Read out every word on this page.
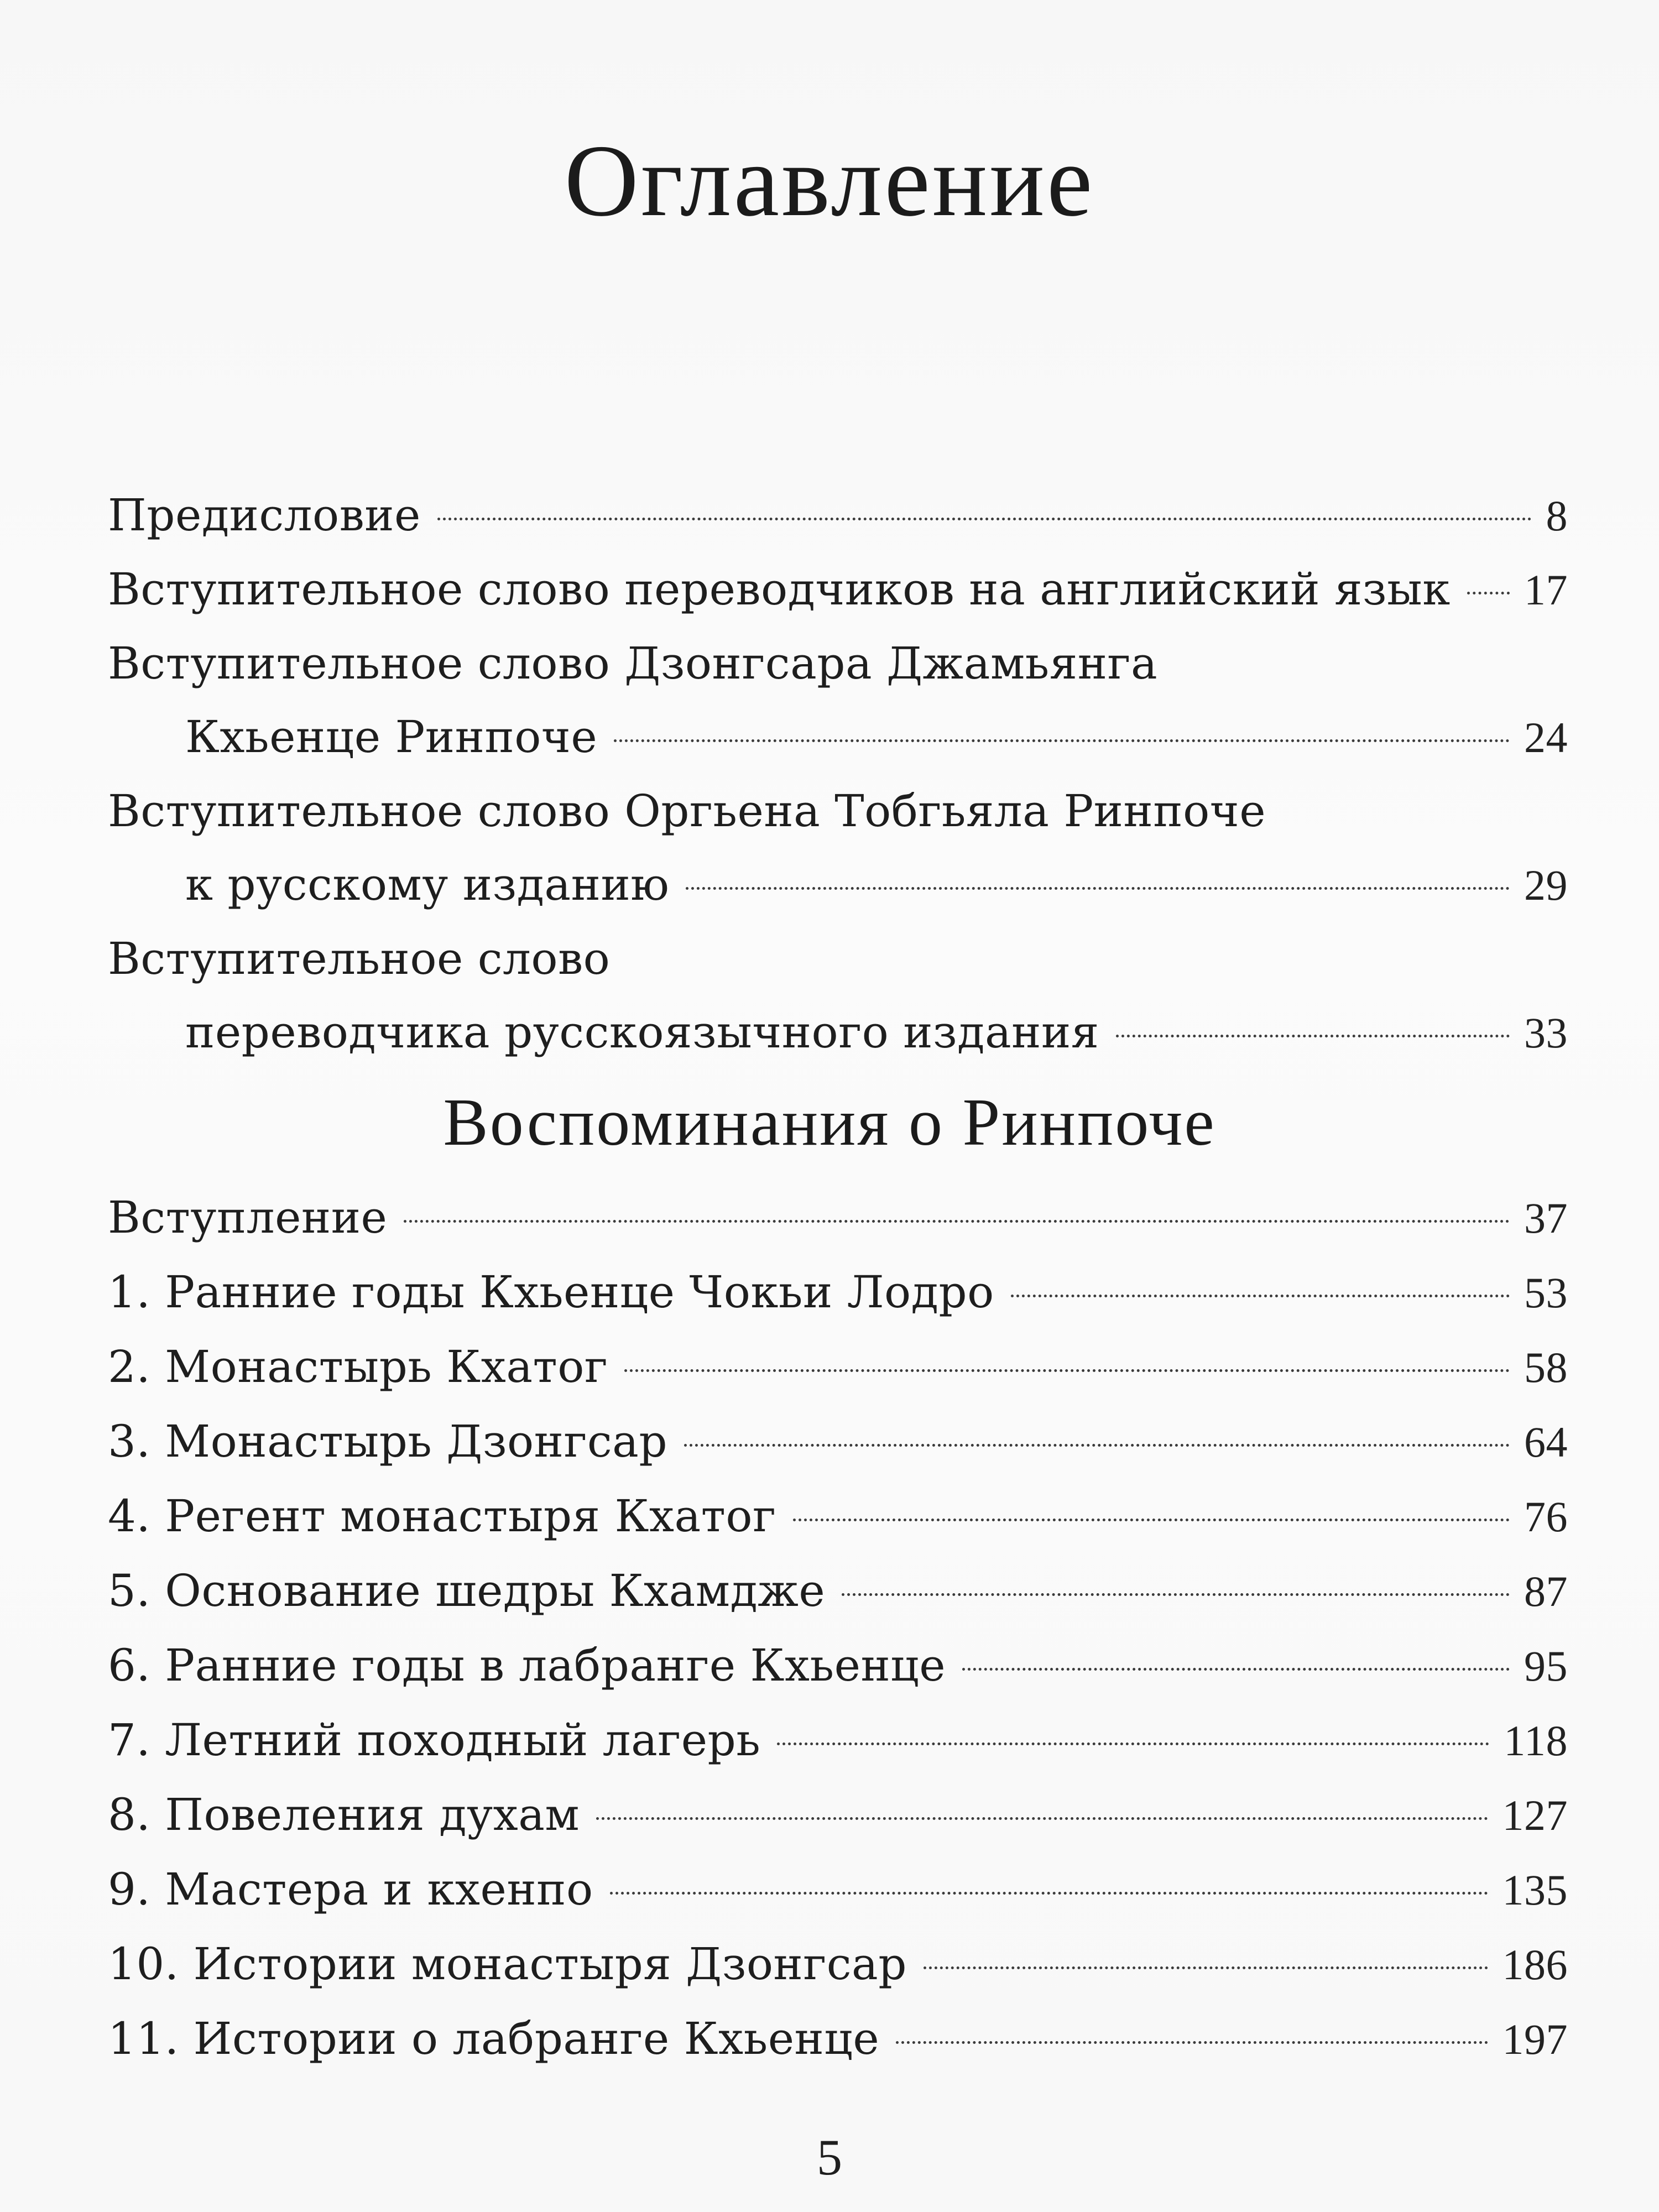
Оглавление
Предисловие	8
Вступительное слово переводчиков на английский язык 17
Вступительное слово Дзонгсара Джамьянга
Кхьенце Ринпоче	24
Вступительное слово Оргьена Тобгьяла Ринпоче
к русскому изданию	29
Вступительное слово
переводчика русскоязычного издания	33
Воспоминания о Ринпоче
Вступление	37
1. Ранние годы Кхьенце Чокьи Лодро	53
2. Монастырь Кхатог	58
3. Монастырь Дзонгсар	64
4. Регент монастыря Кхатог	76
5. Основание шедры Кхамдже	87
6. Ранние годы в лабранге Кхьенце	95
7. Летний походный лагерь	118
8. Повеления духам	127
9. Мастера и кхенпо	135
10. Истории монастыря Дзонгсар	186
11. Истории о лабранге Кхьенце	197
5
